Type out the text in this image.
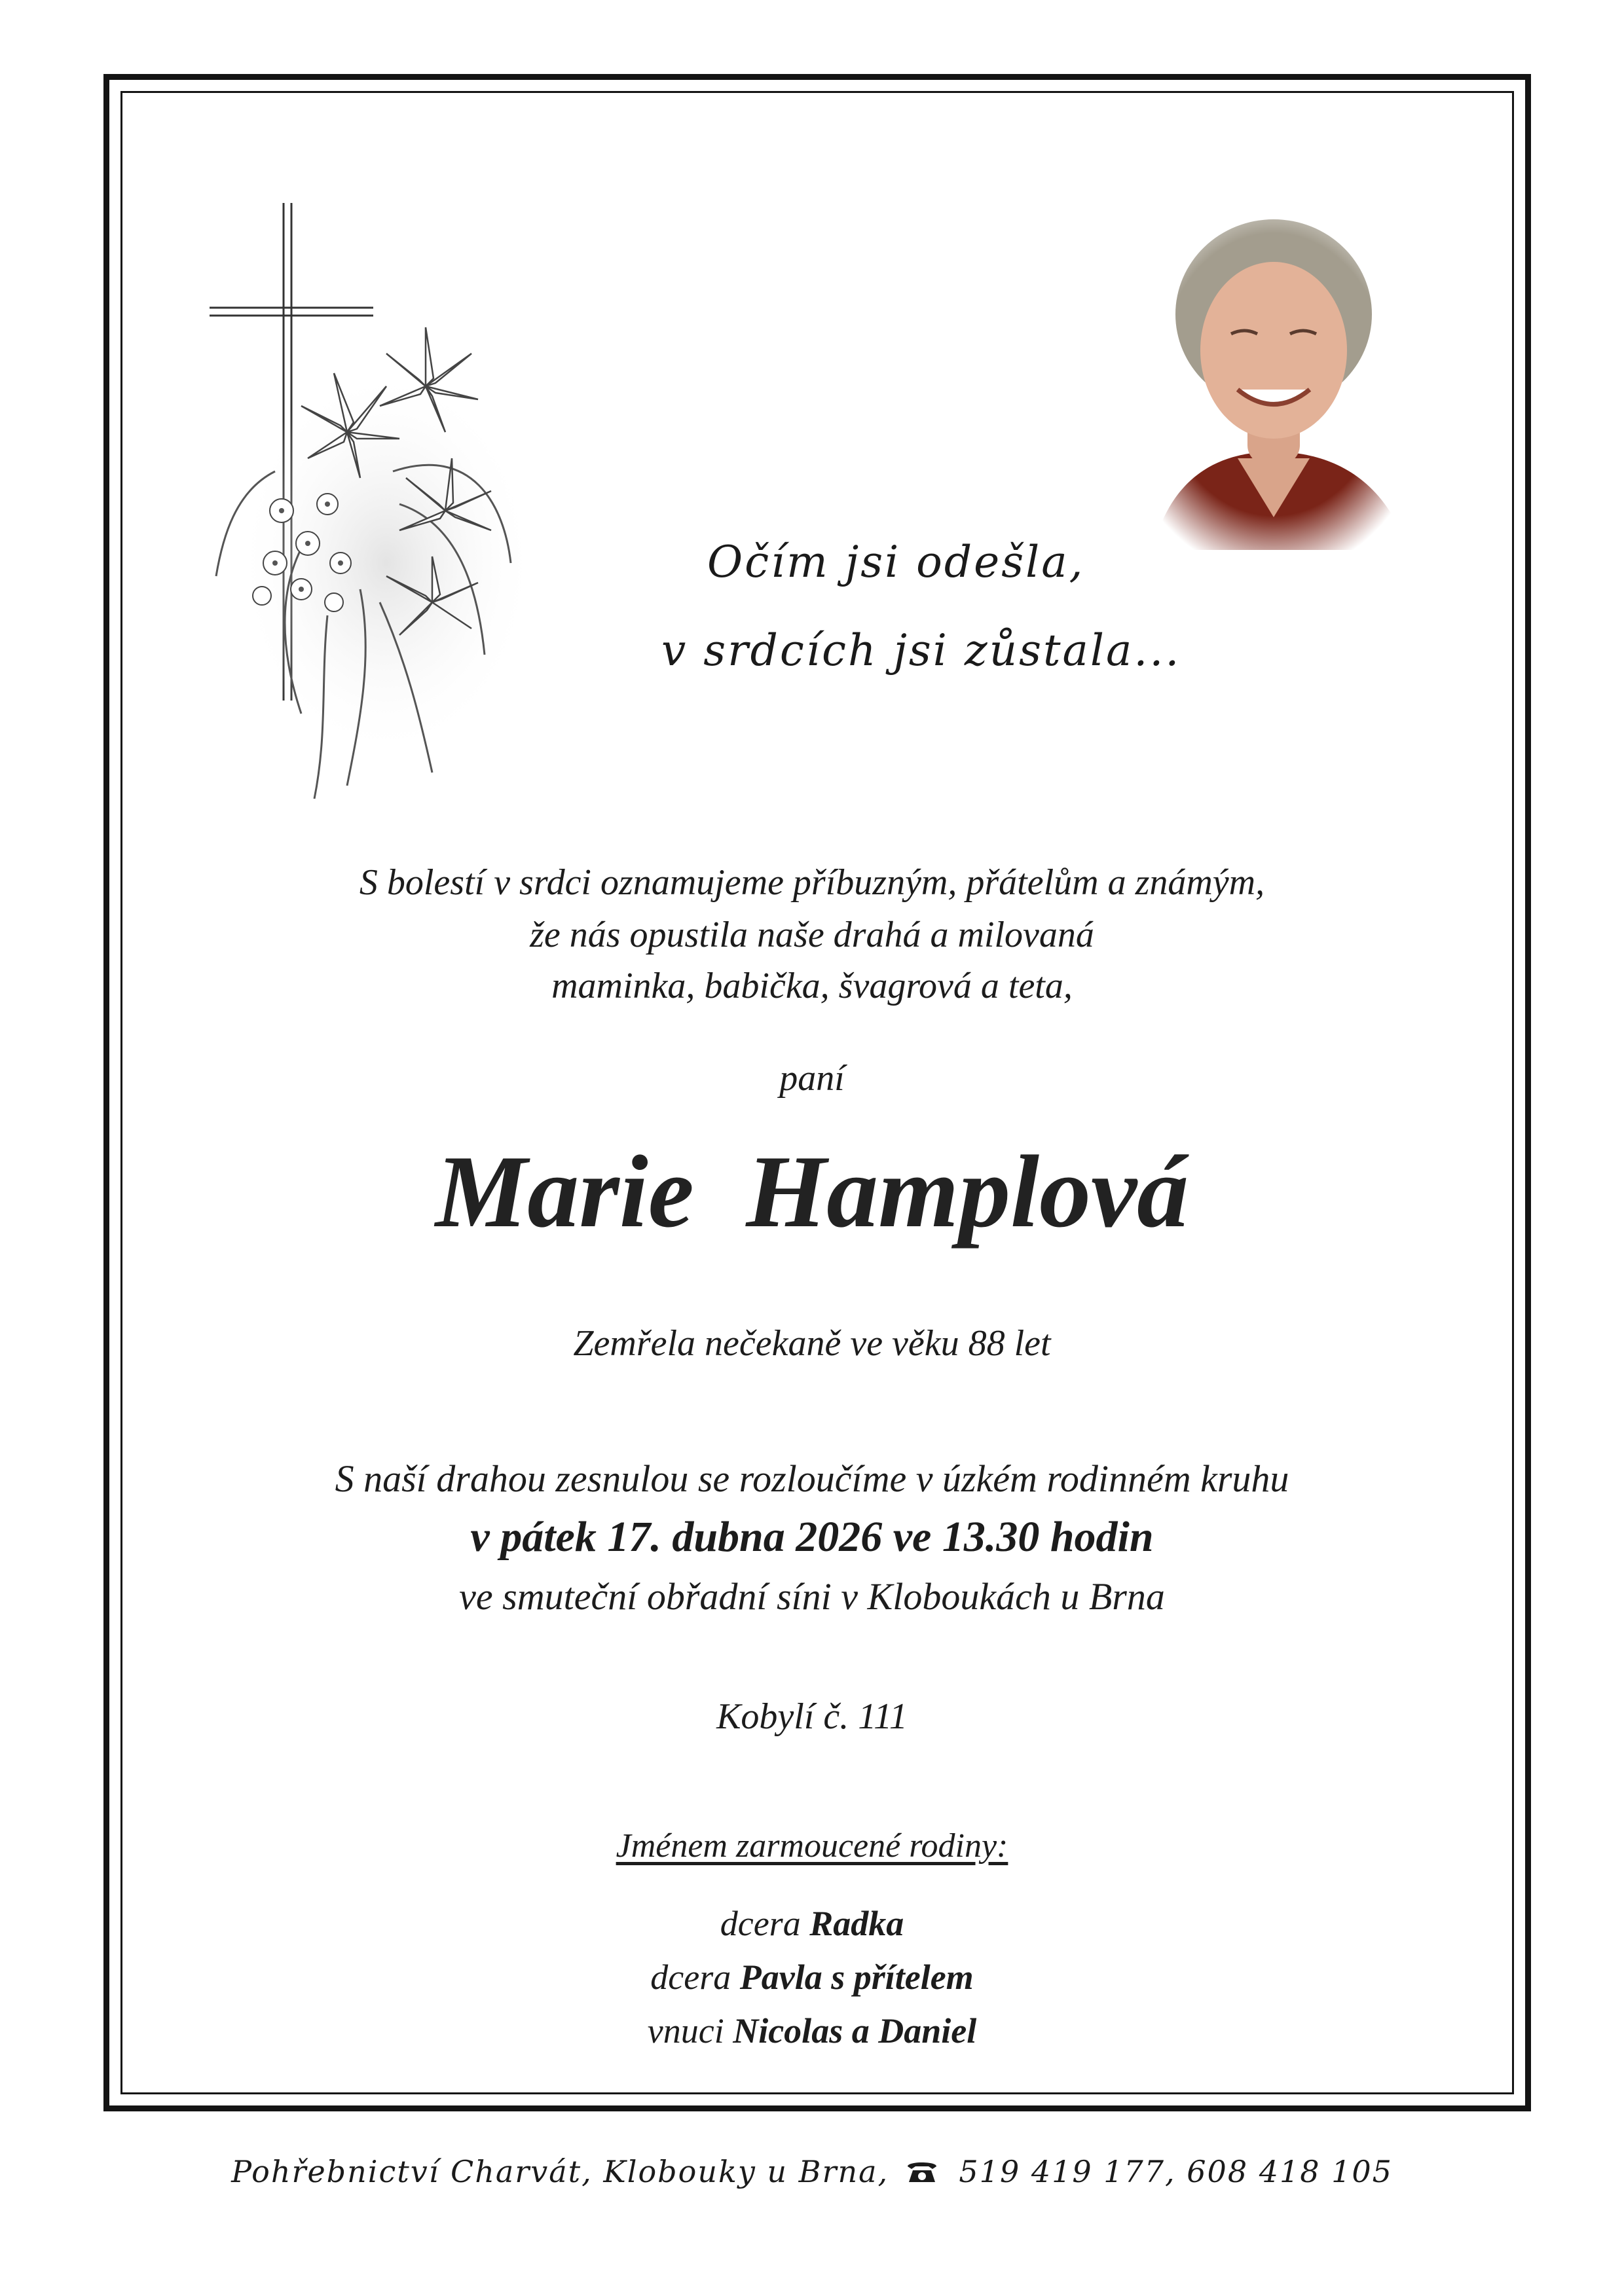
Očím jsi odešla,
v srdcích jsi zůstala...
S bolestí v srdci oznamujeme příbuzným, přátelům a známým,
že nás opustila naše drahá a milovaná
maminka, babička, švagrová a teta,
paní
Marie Hamplová
Zemřela nečekaně ve věku 88 let
S naší drahou zesnulou se rozloučíme v úzkém rodinném kruhu
v pátek 17. dubna 2026 ve 13.30 hodin
ve smuteční obřadní síni v Kloboukách u Brna
Kobylí č. 111
Jménem zarmoucené rodiny:
dcera Radka
dcera Pavla s přítelem
vnuci Nicolas a Daniel
Pohřebnictví Charvát, Klobouky u Brna, 519 419 177, 608 418 105
